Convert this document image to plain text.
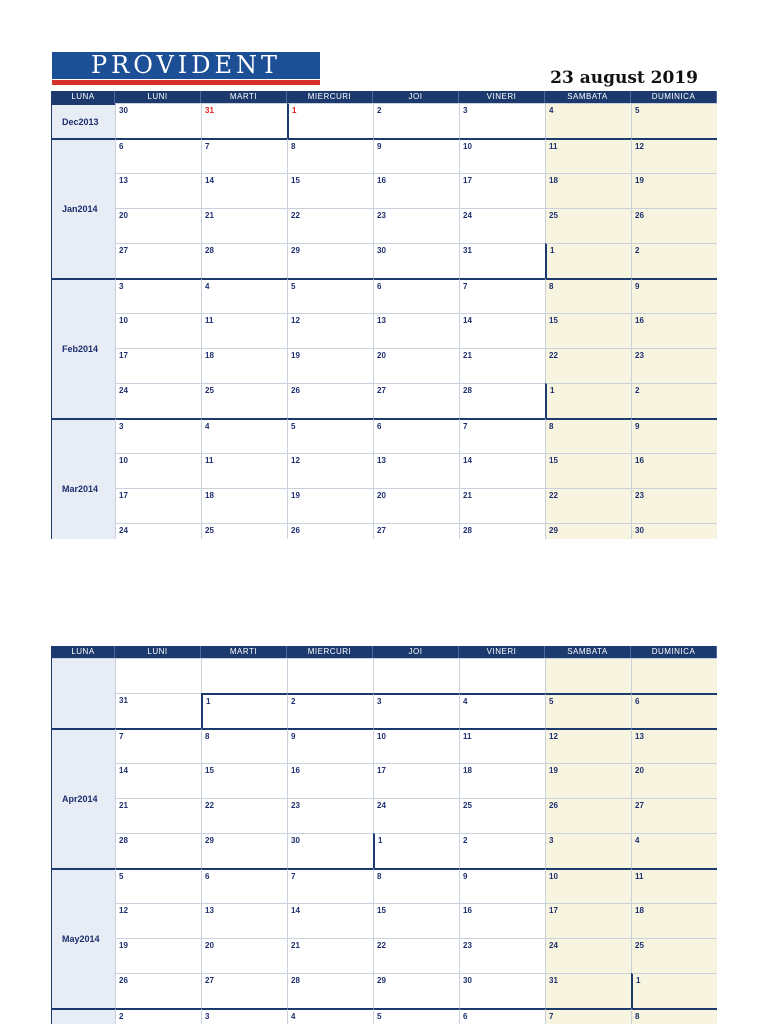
PROVIDENT	23 august 2019
LUNA	LUNI	MARTI	MIERCURI	JOI	VINERI	SAMBATA	DUMINICA
Dec2013
30	31	1	2	3	4	5
Jan2014
6	7	8	9	10	11	12
13	14	15	16	17	18	19
20	21	22	23	24	25	26
27	28	29	30	31	1	2
Feb2014
3	4	5	6	7	8	9
10	11	12	13	14	15	16
17	18	19	20	21	22	23
24	25	26	27	28	1	2
Mar2014
3	4	5	6	7	8	9
10	11	12	13	14	15	16
17	18	19	20	21	22	23
24	25	26	27	28	29	30
LUNA	LUNI	MARTI	MIERCURI	JOI	VINERI	SAMBATA	DUMINICA
31	1	2	3	4	5	6
Apr2014
7	8	9	10	11	12	13
14	15	16	17	18	19	20
21	22	23	24	25	26	27
28	29	30	1	2	3	4
May2014
5	6	7	8	9	10	11
12	13	14	15	16	17	18
19	20	21	22	23	24	25
26	27	28	29	30	31	1
2	3	4	5	6	7	8
